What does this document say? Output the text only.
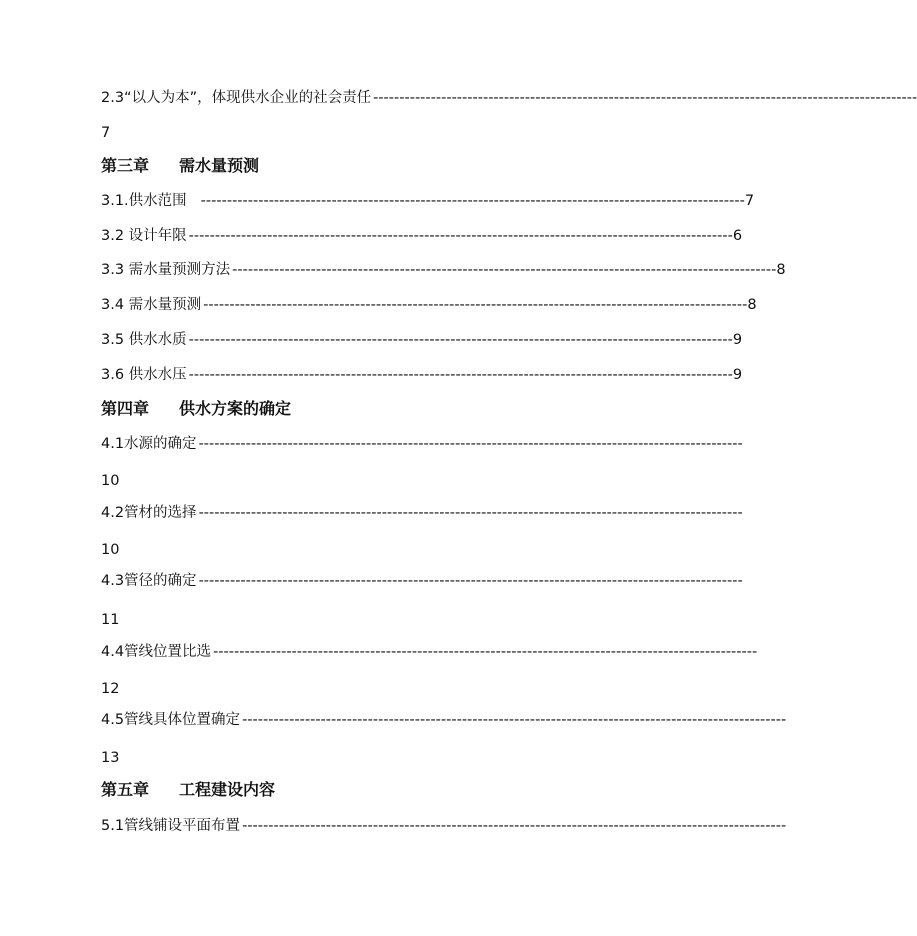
2.3“以人为本”，体现供水企业的社会责任 --------------------------------------------------------------------------------------------------------
7
第三章 需水量预测
3.1.供水范围 -------------------------------------------------------------------------------------------------------- 7
3.2 设计年限 -------------------------------------------------------------------------------------------------------- 6
3.3 需水量预测方法 -------------------------------------------------------------------------------------------------------- 8
3.4 需水量预测 -------------------------------------------------------------------------------------------------------- 8
3.5 供水水质 -------------------------------------------------------------------------------------------------------- 9
3.6 供水水压 -------------------------------------------------------------------------------------------------------- 9
第四章 供水方案的确定
4.1水源的确定 --------------------------------------------------------------------------------------------------------
10
4.2管材的选择 --------------------------------------------------------------------------------------------------------
10
4.3管径的确定 --------------------------------------------------------------------------------------------------------
11
4.4管线位置比选 --------------------------------------------------------------------------------------------------------
12
4.5管线具体位置确定 --------------------------------------------------------------------------------------------------------
13
第五章 工程建设内容
5.1管线铺设平面布置 --------------------------------------------------------------------------------------------------------
